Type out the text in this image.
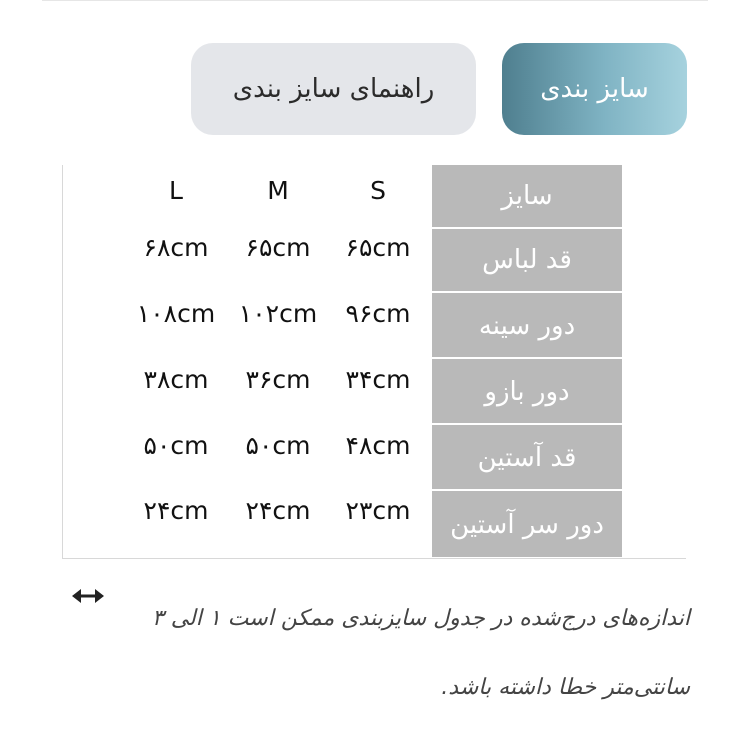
راهنمای سایز بندی	سایز بندی
سایز
قد لباس
دور سینه
دور بازو
قد آستین
دور سر آستین
S
M
L
۶۵cm
۶۵cm
۶۸cm
۹۶cm
۱۰۲cm
۱۰۸cm
۳۴cm
۳۶cm
۳۸cm
۴۸cm
۵۰cm
۵۰cm
۲۳cm
۲۴cm
۲۴cm
اندازه‌های درج‌شده در جدول سایزبندی ممکن است ۱ الی ۳
سانتی‌متر خطا داشته باشد.
